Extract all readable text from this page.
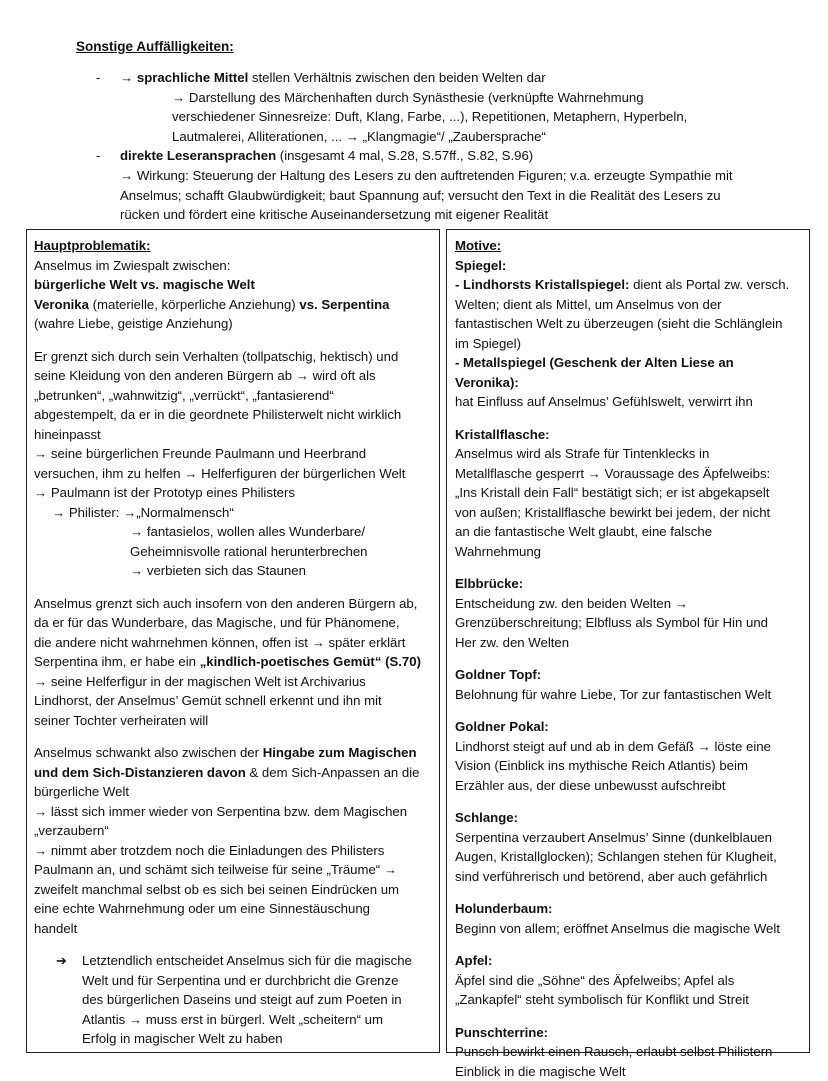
Sonstige Auffälligkeiten:
- → sprachliche Mittel stellen Verhältnis zwischen den beiden Welten dar

→ Darstellung des Märchenhaften durch Synästhesie (verknüpfte Wahrnehmung

verschiedener Sinnesreize: Duft, Klang, Farbe, ...), Repetitionen, Metaphern, Hyperbeln,

Lautmalerei, Alliterationen, ... → „Klangmagie“/ „Zaubersprache“

- direkte Leseransprachen (insgesamt 4 mal, S.28, S.57ff., S.82, S.96)

→ Wirkung: Steuerung der Haltung des Lesers zu den auftretenden Figuren; v.a. erzeugte Sympathie mit

Anselmus; schafft Glaubwürdigkeit; baut Spannung auf; versucht den Text in die Realität des Lesers zu

rücken und fördert eine kritische Auseinandersetzung mit eigener Realität

Hauptproblematik:

Anselmus im Zwiespalt zwischen:

bürgerliche Welt vs. magische Welt

Veronika (materielle, körperliche Anziehung) vs. Serpentina

(wahre Liebe, geistige Anziehung)

Er grenzt sich durch sein Verhalten (tollpatschig, hektisch) und

seine Kleidung von den anderen Bürgern ab → wird oft als

„betrunken“, „wahnwitzig“, „verrückt“, „fantasierend“

abgestempelt, da er in die geordnete Philisterwelt nicht wirklich

hineinpasst

→ seine bürgerlichen Freunde Paulmann und Heerbrand

versuchen, ihm zu helfen → Helferfiguren der bürgerlichen Welt

→ Paulmann ist der Prototyp eines Philisters

→ Philister: →„Normalmensch“

→ fantasielos, wollen alles Wunderbare/

Geheimnisvolle rational herunterbrechen

→ verbieten sich das Staunen

Anselmus grenzt sich auch insofern von den anderen Bürgern ab,

da er für das Wunderbare, das Magische, und für Phänomene,

die andere nicht wahrnehmen können, offen ist → später erklärt

Serpentina ihm, er habe ein „kindlich-poetisches Gemüt“ (S.70)

→ seine Helferfigur in der magischen Welt ist Archivarius

Lindhorst, der Anselmus’ Gemüt schnell erkennt und ihn mit

seiner Tochter verheiraten will

Anselmus schwankt also zwischen der Hingabe zum Magischen

und dem Sich-Distanzieren davon & dem Sich-Anpassen an die

bürgerliche Welt

→ lässt sich immer wieder von Serpentina bzw. dem Magischen

„verzaubern“

→ nimmt aber trotzdem noch die Einladungen des Philisters

Paulmann an, und schämt sich teilweise für seine „Träume“ →

zweifelt manchmal selbst ob es sich bei seinen Eindrücken um

eine echte Wahrnehmung oder um eine Sinnestäuschung

handelt

➔ Letztendlich entscheidet Anselmus sich für die magische

Welt und für Serpentina und er durchbricht die Grenze

des bürgerlichen Daseins und steigt auf zum Poeten in

Atlantis → muss erst in bürgerl. Welt „scheitern“ um

Erfolg in magischer Welt zu haben

Motive:

Spiegel:

- Lindhorsts Kristallspiegel: dient als Portal zw. versch.

Welten; dient als Mittel, um Anselmus von der

fantastischen Welt zu überzeugen (sieht die Schlänglein

im Spiegel)

- Metallspiegel (Geschenk der Alten Liese an Veronika):

hat Einfluss auf Anselmus’ Gefühlswelt, verwirrt ihn

Kristallflasche:

Anselmus wird als Strafe für Tintenklecks in

Metallflasche gesperrt → Voraussage des Äpfelweibs:

„Ins Kristall dein Fall“ bestätigt sich; er ist abgekapselt

von außen; Kristallflasche bewirkt bei jedem, der nicht

an die fantastische Welt glaubt, eine falsche

Wahrnehmung

Elbbrücke:

Entscheidung zw. den beiden Welten →

Grenzüberschreitung; Elbfluss als Symbol für Hin und

Her zw. den Welten

Goldner Topf:

Belohnung für wahre Liebe, Tor zur fantastischen Welt

Goldner Pokal:

Lindhorst steigt auf und ab in dem Gefäß → löste eine

Vision (Einblick ins mythische Reich Atlantis) beim

Erzähler aus, der diese unbewusst aufschreibt

Schlange:

Serpentina verzaubert Anselmus’ Sinne (dunkelblauen

Augen, Kristallglocken); Schlangen stehen für Klugheit,

sind verführerisch und betörend, aber auch gefährlich

Holunderbaum:

Beginn von allem; eröffnet Anselmus die magische Welt

Apfel:

Äpfel sind die „Söhne“ des Äpfelweibs; Apfel als

„Zankapfel“ steht symbolisch für Konflikt und Streit

Punschterrine:

Punsch bewirkt einen Rausch, erlaubt selbst Philistern

Einblick in die magische Welt
